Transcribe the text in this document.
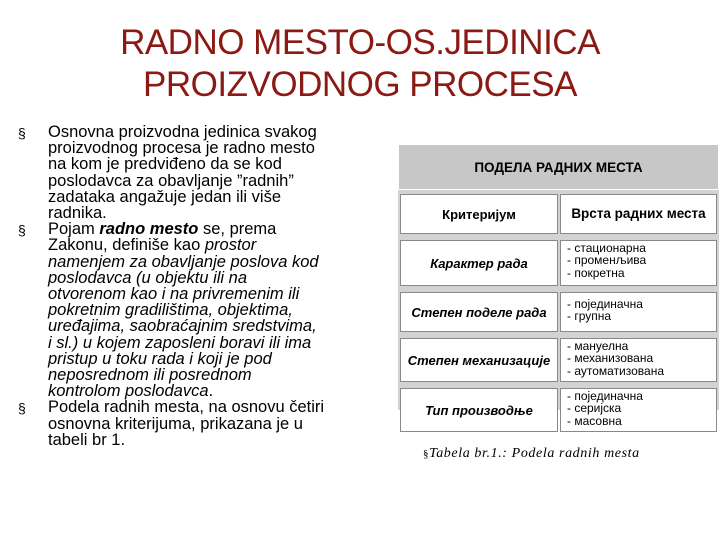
RADNO MESTO-OS.JEDINICA
PROIZVODNOG PROCESA
§ Osnovna proizvodna jedinica svakog
proizvodnog procesa je radno mesto
na kom je predviđeno da se kod
poslodavca za obavljanje ”radnih”
zadataka angažuje jedan ili više
radnika.
§ Pojam radno mesto se, prema
Zakonu, definiše kao prostor
namenjem za obavljanje poslova kod
poslodavca (u objektu ili na
otvorenom kao i na privremenim ili
pokretnim gradilištima, objektima,
uređajima, saobraćajnim sredstvima,
i sl.) u kojem zaposleni boravi ili ima
pristup u toku rada i koji je pod
neposrednom ili posrednom
kontrolom poslodavca.
§ Podela radnih mesta, na osnovu četiri
osnovna kriterijuma, prikazana je u
tabeli br 1.
ПОДЕЛА РАДНИХ МЕСТА
Критеријум	Врста радних места
Карактер рада
- стационарна
- променљива
- покретна
Степен поделе рада
- појединачна
- групна
Степен механизације
- мануелна
- механизована
- аутоматизована
Тип производње
- појединачна
- серијска
- масовна
§Tabela br.1.: Podela radnih mesta
